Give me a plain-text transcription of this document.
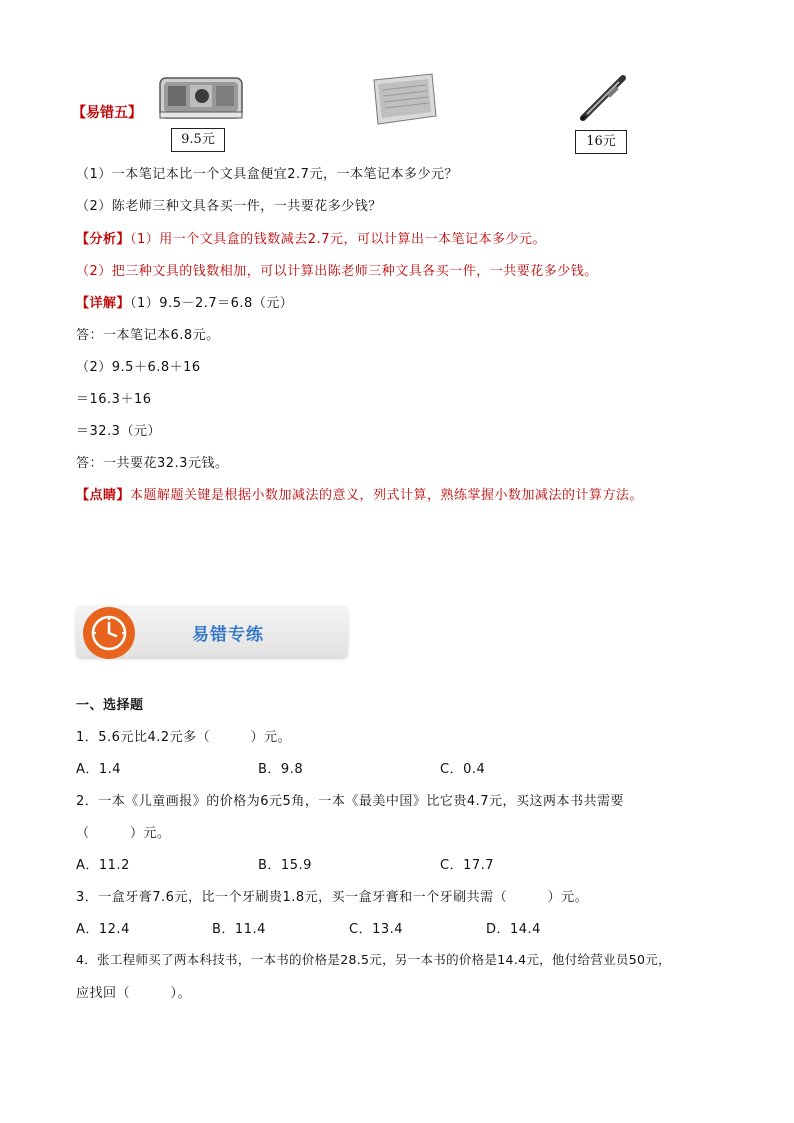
9.5元	16元
【易错五】
（1）一本笔记本比一个文具盒便宜2.7元，一本笔记本多少元？
（2）陈老师三种文具各买一件，一共要花多少钱？
【分析】（1）用一个文具盒的钱数减去2.7元，可以计算出一本笔记本多少元。
（2）把三种文具的钱数相加，可以计算出陈老师三种文具各买一件，一共要花多少钱。
【详解】（1）9.5－2.7＝6.8（元）
答：一本笔记本6.8元。
（2）9.5＋6.8＋16
＝16.3＋16
＝32.3（元）
答：一共要花32.3元钱。
【点睛】本题解题关键是根据小数加减法的意义，列式计算，熟练掌握小数加减法的计算方法。
易错专练
一、选择题
1．5.6元比4.2元多（　　　）元。
A．1.4	B．9.8	C．0.4
2．一本《儿童画报》的价格为6元5角，一本《最美中国》比它贵4.7元，买这两本书共需要
（　　　）元。
A．11.2	B．15.9	C．17.7
3．一盒牙膏7.6元，比一个牙刷贵1.8元，买一盒牙膏和一个牙刷共需（　　　）元。
A．12.4	B．11.4	C．13.4	D．14.4
4．张工程师买了两本科技书，一本书的价格是28.5元，另一本书的价格是14.4元，他付给营业员50元，
应找回（　　　）。
